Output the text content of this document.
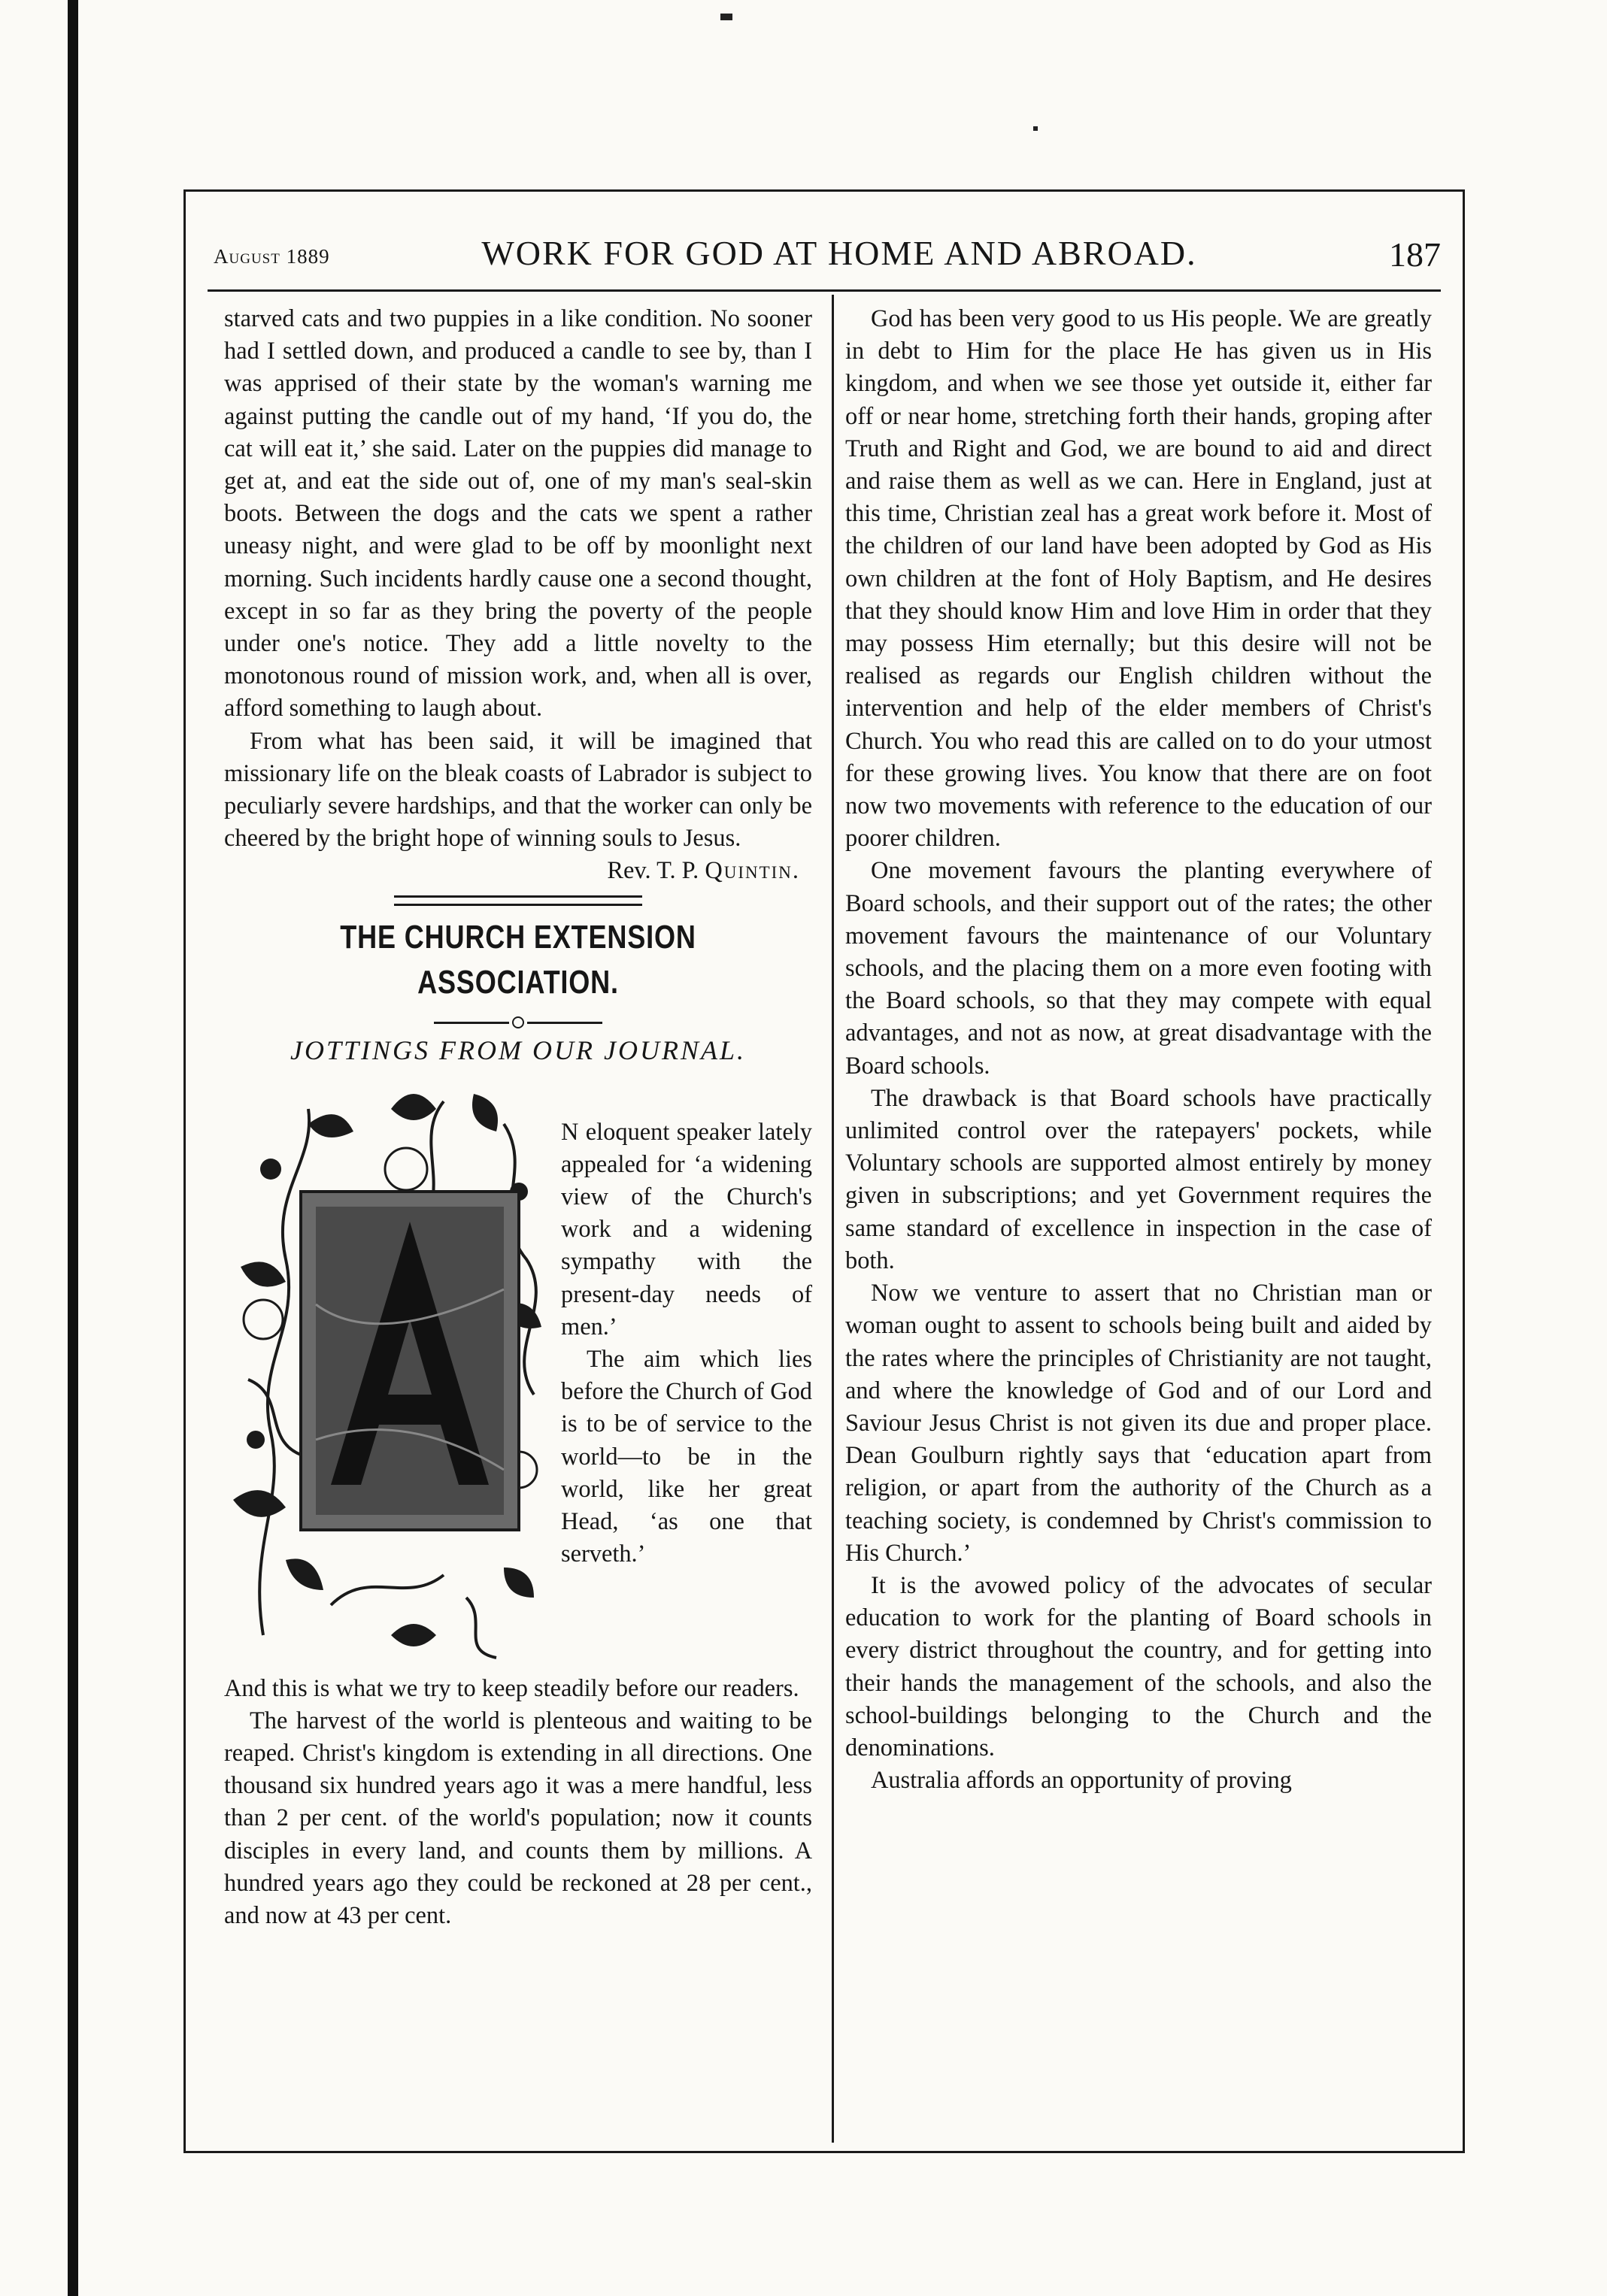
August 1889	WORK FOR GOD AT HOME AND ABROAD.	187

starved cats and two puppies in a like condition. No sooner had I settled down, and produced a candle to see by, than I was apprised of their state by the woman's warning me against putting the candle out of my hand, ‘If you do, the cat will eat it,’ she said. Later on the puppies did manage to get at, and eat the side out of, one of my man's seal-skin boots. Between the dogs and the cats we spent a rather uneasy night, and were glad to be off by moonlight next morning. Such incidents hardly cause one a second thought, except in so far as they bring the poverty of the people under one's notice. They add a little novelty to the monotonous round of mission work, and, when all is over, afford something to laugh about.

From what has been said, it will be imagined that missionary life on the bleak coasts of Labrador is subject to peculiarly severe hardships, and that the worker can only be cheered by the bright hope of winning souls to Jesus.

Rev. T. P. Quintin.

THE CHURCH EXTENSION ASSOCIATION.

JOTTINGS FROM OUR JOURNAL.

N eloquent speaker lately appealed for ‘a widening view of the Church's work and a widening sympathy with the present-day needs of men.’

The aim which lies before the Church of God is to be of service to the world—to be in the world, like her great Head, ‘as one that serveth.’

And this is what we try to keep steadily before our readers.

The harvest of the world is plenteous and waiting to be reaped. Christ's kingdom is extending in all directions. One thousand six hundred years ago it was a mere handful, less than 2 per cent. of the world's population; now it counts disciples in every land, and counts them by millions. A hundred years ago they could be reckoned at 28 per cent., and now at 43 per cent.

God has been very good to us His people. We are greatly in debt to Him for the place He has given us in His kingdom, and when we see those yet outside it, either far off or near home, stretching forth their hands, groping after Truth and Right and God, we are bound to aid and direct and raise them as well as we can. Here in England, just at this time, Christian zeal has a great work before it. Most of the children of our land have been adopted by God as His own children at the font of Holy Baptism, and He desires that they should know Him and love Him in order that they may possess Him eternally; but this desire will not be realised as regards our English children without the intervention and help of the elder members of Christ's Church. You who read this are called on to do your utmost for these growing lives. You know that there are on foot now two movements with reference to the education of our poorer children.

One movement favours the planting everywhere of Board schools, and their support out of the rates; the other movement favours the maintenance of our Voluntary schools, and the placing them on a more even footing with the Board schools, so that they may compete with equal advantages, and not as now, at great disadvantage with the Board schools.

The drawback is that Board schools have practically unlimited control over the ratepayers' pockets, while Voluntary schools are supported almost entirely by money given in subscriptions; and yet Government requires the same standard of excellence in inspection in the case of both.

Now we venture to assert that no Christian man or woman ought to assent to schools being built and aided by the rates where the principles of Christianity are not taught, and where the knowledge of God and of our Lord and Saviour Jesus Christ is not given its due and proper place. Dean Goulburn rightly says that ‘education apart from religion, or apart from the authority of the Church as a teaching society, is condemned by Christ's commission to His Church.’

It is the avowed policy of the advocates of secular education to work for the planting of Board schools in every district throughout the country, and for getting into their hands the management of the schools, and also the school-buildings belonging to the Church and the denominations.

Australia affords an opportunity of proving
